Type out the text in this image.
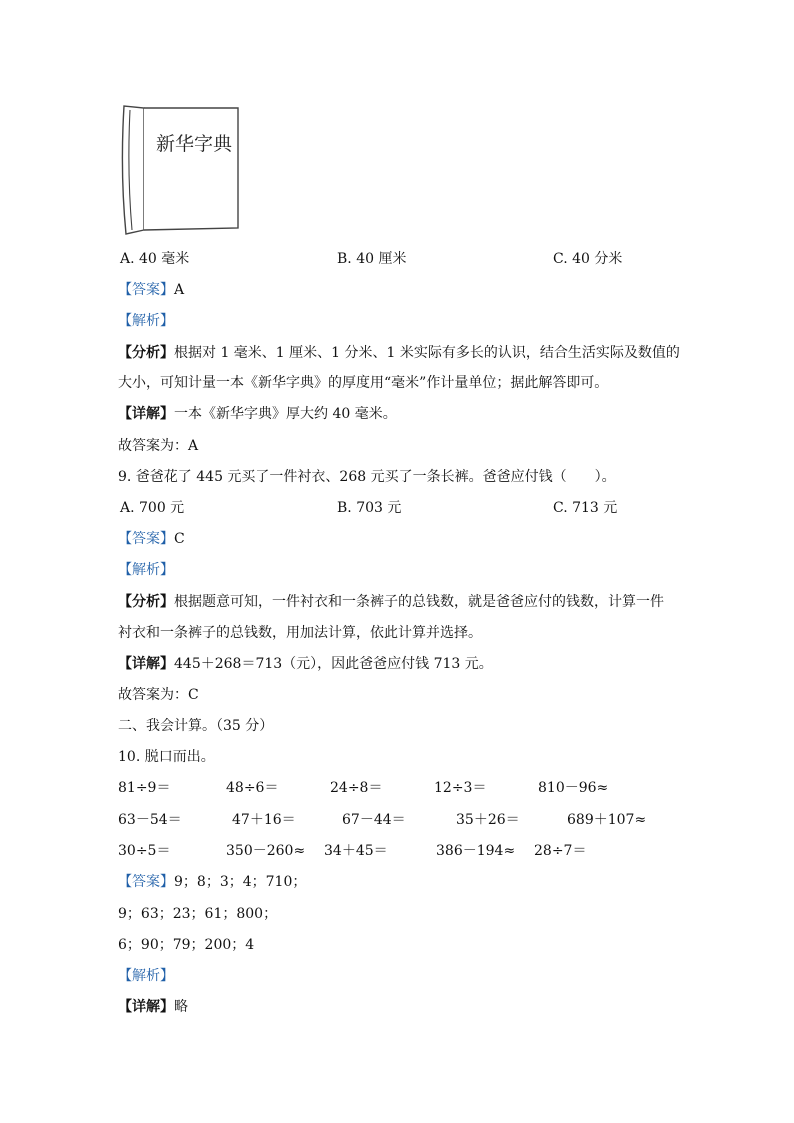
新华字典
A. 40 毫米	B. 40 厘米	C. 40 分米
【答案】A
【解析】
【分析】根据对 1 毫米、1 厘米、1 分米、1 米实际有多长的认识，结合生活实际及数值的
大小，可知计量一本《新华字典》的厚度用“毫米”作计量单位；据此解答即可。
【详解】一本《新华字典》厚大约 40 毫米。
故答案为：A
9. 爸爸花了 445 元买了一件衬衣、268 元买了一条长裤。爸爸应付钱（　　）。
A. 700 元	B. 703 元	C. 713 元
【答案】C
【解析】
【分析】根据题意可知，一件衬衣和一条裤子的总钱数，就是爸爸应付的钱数，计算一件
衬衣和一条裤子的总钱数，用加法计算，依此计算并选择。
【详解】445＋268＝713（元），因此爸爸应付钱 713 元。
故答案为：C
二、我会计算。（35 分）
10. 脱口而出。
81÷9＝	48÷6＝	24÷8＝	12÷3＝	810－96≈
63－54＝	47＋16＝	67－44＝	35＋26＝	689＋107≈
30÷5＝	350－260≈ 34＋45＝	386－194≈ 28÷7＝
【答案】9；8；3；4；710；
9；63；23；61；800；
6；90；79；200；4
【解析】
【详解】略
